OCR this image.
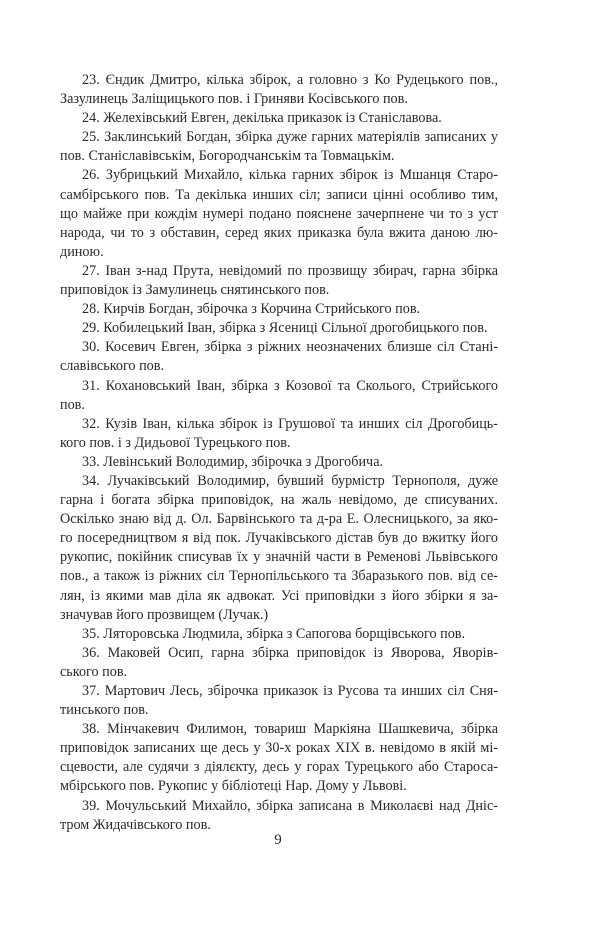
23. Єндик Дмитро, кілька збірок, а головно з Ко Рудецького пов., Зазулинець Заліщицького пов. і Гриняви Косівського пов.

24. Желехівський Евген, декілька приказок із Станіславова.

25. Заклинський Богдан, збірка дуже гарних матеріялів записаних у пов. Станіславівськім, Богородчанськім та Товмацькім.

26. Зубрицький Михайло, кілька гарних збірок із Мшанця Старо-самбірського пов. Та декілька инших сіл; записи цінні особливо тим, що майже при кождім нумері подано пояснене зачерпнене чи то з уст народа, чи то з обставин, серед яких приказка була вжита даною лю-диною.

27. Іван з-над Прута, невідомий по прозвищу збирач, гарна збірка приповідок із Замулинець снятинського пов.

28. Кирчів Богдан, збірочка з Корчина Стрийського пов.

29. Кобилецький Іван, збірка з Ясениці Сільної дрогобицького пов.

30. Косевич Евген, збірка з ріжних неозначених близше сіл Стані-славівського пов.

31. Кохановський Іван, збірка з Козової та Сколього, Стрийського пов.

32. Кузів Іван, кілька збірок із Грушової та инших сіл Дрогобиць-кого пов. і з Дидьової Турецького пов.

33. Левінський Володимир, збірочка з Дрогобича.

34. Лучаківський Володимир, бувший бурмістр Тернополя, дуже гарна і богата збірка приповідок, на жаль невідомо, де списуваних. Оскілько знаю від д. Ол. Барвінського та д-ра Е. Олесницького, за яко-го посередництвом я від пок. Лучаківського дістав був до вжитку його рукопис, покійник списував їх у значній части в Ременові Львівського пов., а також із ріжних сіл Тернопільського та Збаразького пов. від се-лян, із якими мав діла як адвокат. Усі приповідки з його збірки я за-значував його прозвищем (Лучак.)

35. Ляторовська Людмила, збірка з Сапогова борщівського пов.

36. Маковей Осип, гарна збірка приповідок із Яворова, Яворів-ського пов.

37. Мартович Лесь, збірочка приказок із Русова та инших сіл Сня-тинського пов.

38. Мінчакевич Филимон, товариш Маркіяна Шашкевича, збірка приповідок записаних ще десь у 30-х роках XIX в. невідомо в якій мі-сцевости, але судячи з діялєкту, десь у горах Турецького або Староса-мбірського пов. Рукопис у бібліотеці Нар. Дому у Львові.

39. Мочульський Михайло, збірка записана в Миколаєві над Дніс-тром Жидачівського пов.

9
